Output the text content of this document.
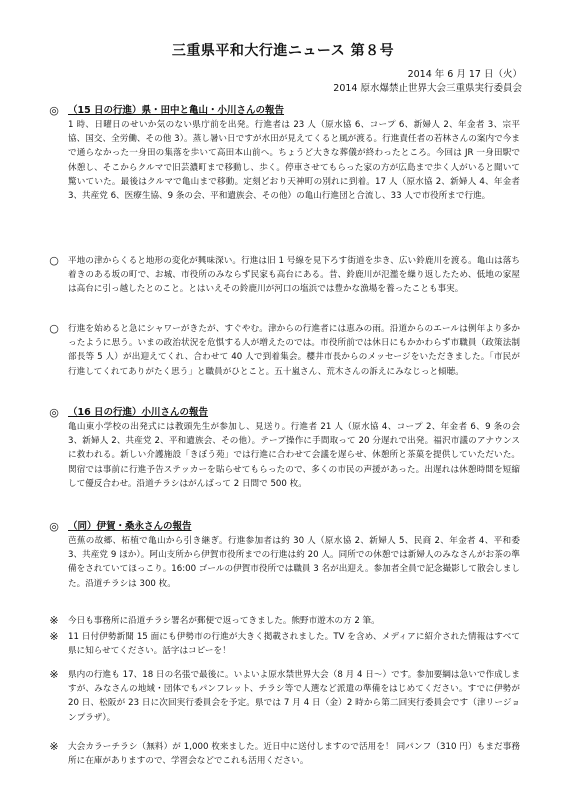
三重県平和大行進ニュース 第８号
2014 年 6 月 17 日（火）
2014 原水爆禁止世界大会三重県実行委員会
◎ （15 日の行進）県・田中と亀山・小川さんの報告
1 時、日曜日のせいか気のない県庁前を出発。行進者は 23 人（原水協 6、コープ 6、新婦人 2、年金者 3、宗平協、国交、全労働、その他 3）。蒸し暑い日ですが水田が見えてくると風が渡る。行進責任者の若林さんの案内で今まで通らなかった一身田の集落を歩いて高田本山前へ。ちょうど大きな葬儀が終わったところ。今回は JR 一身田駅で休憩し、そこからクルマで旧芸濃町まで移動し、歩く。停車させてもらった家の方が広島まで歩く人がいると聞いて驚いていた。最後はクルマで亀山まで移動。定刻どおり天神町の別れに到着。17 人（原水協 2、新婦人 4、年金者 3、共産党 6、医療生協、9 条の会、平和遺族会、その他）の亀山行進団と合流し、33 人で市役所まで行進。
○	平地の津からくると地形の変化が興味深い。行進は旧 1 号線を見下ろす街道を歩き、広い鈴鹿川を渡る。亀山は落ち着きのある坂の町で、お城、市役所のみならず民家も高台にある。昔、鈴鹿川が氾濫を繰り返したため、低地の家屋は高台に引っ越したとのこと。とはいえその鈴鹿川が河口の塩浜では豊かな漁場を養ったことも事実。
○	行進を始めると急にシャワーがきたが、すぐやむ。津からの行進者には恵みの雨。沿道からのエールは例年より多かったように思う。いまの政治状況を危惧する人が増えたのでは。市役所前では休日にもかかわらず市職員（政策法制部長等 5 人）が出迎えてくれ、合わせて 40 人で到着集会。櫻井市長からのメッセージをいただきました。「市民が行進してくれてありがたく思う」と職員がひとこと。五十嵐さん、荒木さんの訴えにみなじっと傾聴。
◎ （16 日の行進）小川さんの報告
亀山東小学校の出発式には教頭先生が参加し、見送り。行進者 21 人（原水協 4、コープ 2、年金者 6、9 条の会 3、新婦人 2、共産党 2、平和遺族会、その他）。テープ操作に手間取って 20 分遅れで出発。福沢市議のアナウンスに救われる。新しい介護施設「きぼう苑」では行進に合わせて会議を遅らせ、休憩所と茶菓を提供していただいた。関宿では事前に行進予告ステッカーを貼らせてもらったので、多くの市民の声援があった。出遅れは休憩時間を短縮して優反合わせ。沿道チラシはがんばって 2 日間で 500 枚。
◎ （同）伊賀・桑永さんの報告
芭蕉の故郷、柘植で亀山から引き継ぎ。行進参加者は約 30 人（原水協 2、新婦人 5、民商 2、年金者 4、平和委 3、共産党 9 ほか）。阿山支所から伊賀市役所までの行進は約 20 人。同所での休憩では新婦人のみなさんがお茶の準備をされていてほっこり。16:00 ゴールの伊賀市役所では職員 3 名が出迎え。参加者全員で記念撮影して散会しました。沿道チラシは 300 枚。
※	今日も事務所に沿道チラシ署名が郵便で返ってきました。熊野市遊木の方 2 筆。
※	11 日付伊勢新聞 15 面にも伊勢市の行進が大きく掲載されました。TV を含め、メディアに紹介された情報はすべて県に知らせてください。話字はコピーを！
※	県内の行進も 17、18 日の名張で最後に。いよいよ原水禁世界大会（8 月 4 日〜）です。参加要綱は急いで作成しますが、みなさんの地域・団体でもパンフレット、チラシ等で人選など派遣の準備をはじめてください。すでに伊勢が 20 日、松阪が 23 日に次回実行委員会を予定。県では 7 月 4 日（金）2 時から第二回実行委員会です（津リージョンプラザ）。
※	大会カラーチラシ（無料）が 1,000 枚来ました。近日中に送付しますので活用を！ 同パンフ（310 円）もまだ事務所に在庫がありますので、学習会などでこれも活用ください。
